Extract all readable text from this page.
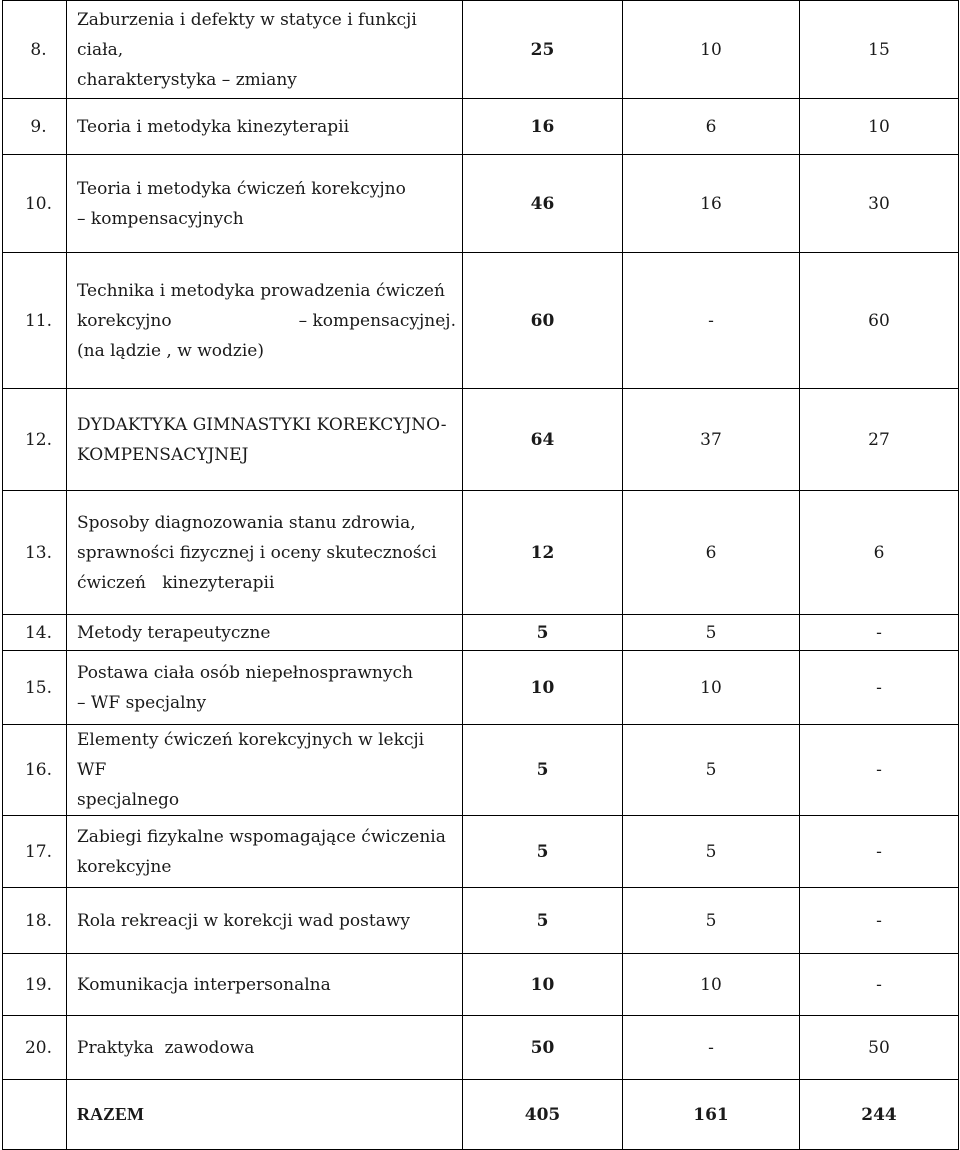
8.	Zaburzenia i defekty w statyce i funkcji ciała,
charakterystyka – zmiany	25	10	15
9.	Teoria i metodyka kinezyterapii	16	6	10
10.	Teoria i metodyka ćwiczeń korekcyjno
– kompensacyjnych	46	16	30
11.	Technika i metodyka prowadzenia ćwiczeń
korekcyjno – kompensacyjnej.
(na lądzie , w wodzie)	60	-	60
12.	DYDAKTYKA GIMNASTYKI KOREKCYJNO-
KOMPENSACYJNEJ	64	37	27
13.	Sposoby diagnozowania stanu zdrowia,
sprawności fizycznej i oceny skuteczności
ćwiczeń   kinezyterapii	12	6	6
14.	Metody terapeutyczne	5	5	-
15.	Postawa ciała osób niepełnosprawnych
– WF specjalny	10	10	-
16.	Elementy ćwiczeń korekcyjnych w lekcji WF
specjalnego	5	5	-
17.	Zabiegi fizykalne wspomagające ćwiczenia
korekcyjne	5	5	-
18.	Rola rekreacji w korekcji wad postawy	5	5	-
19.	Komunikacja interpersonalna	10	10	-
20.	Praktyka  zawodowa	50	-	50
	RAZEM	405	161	244
